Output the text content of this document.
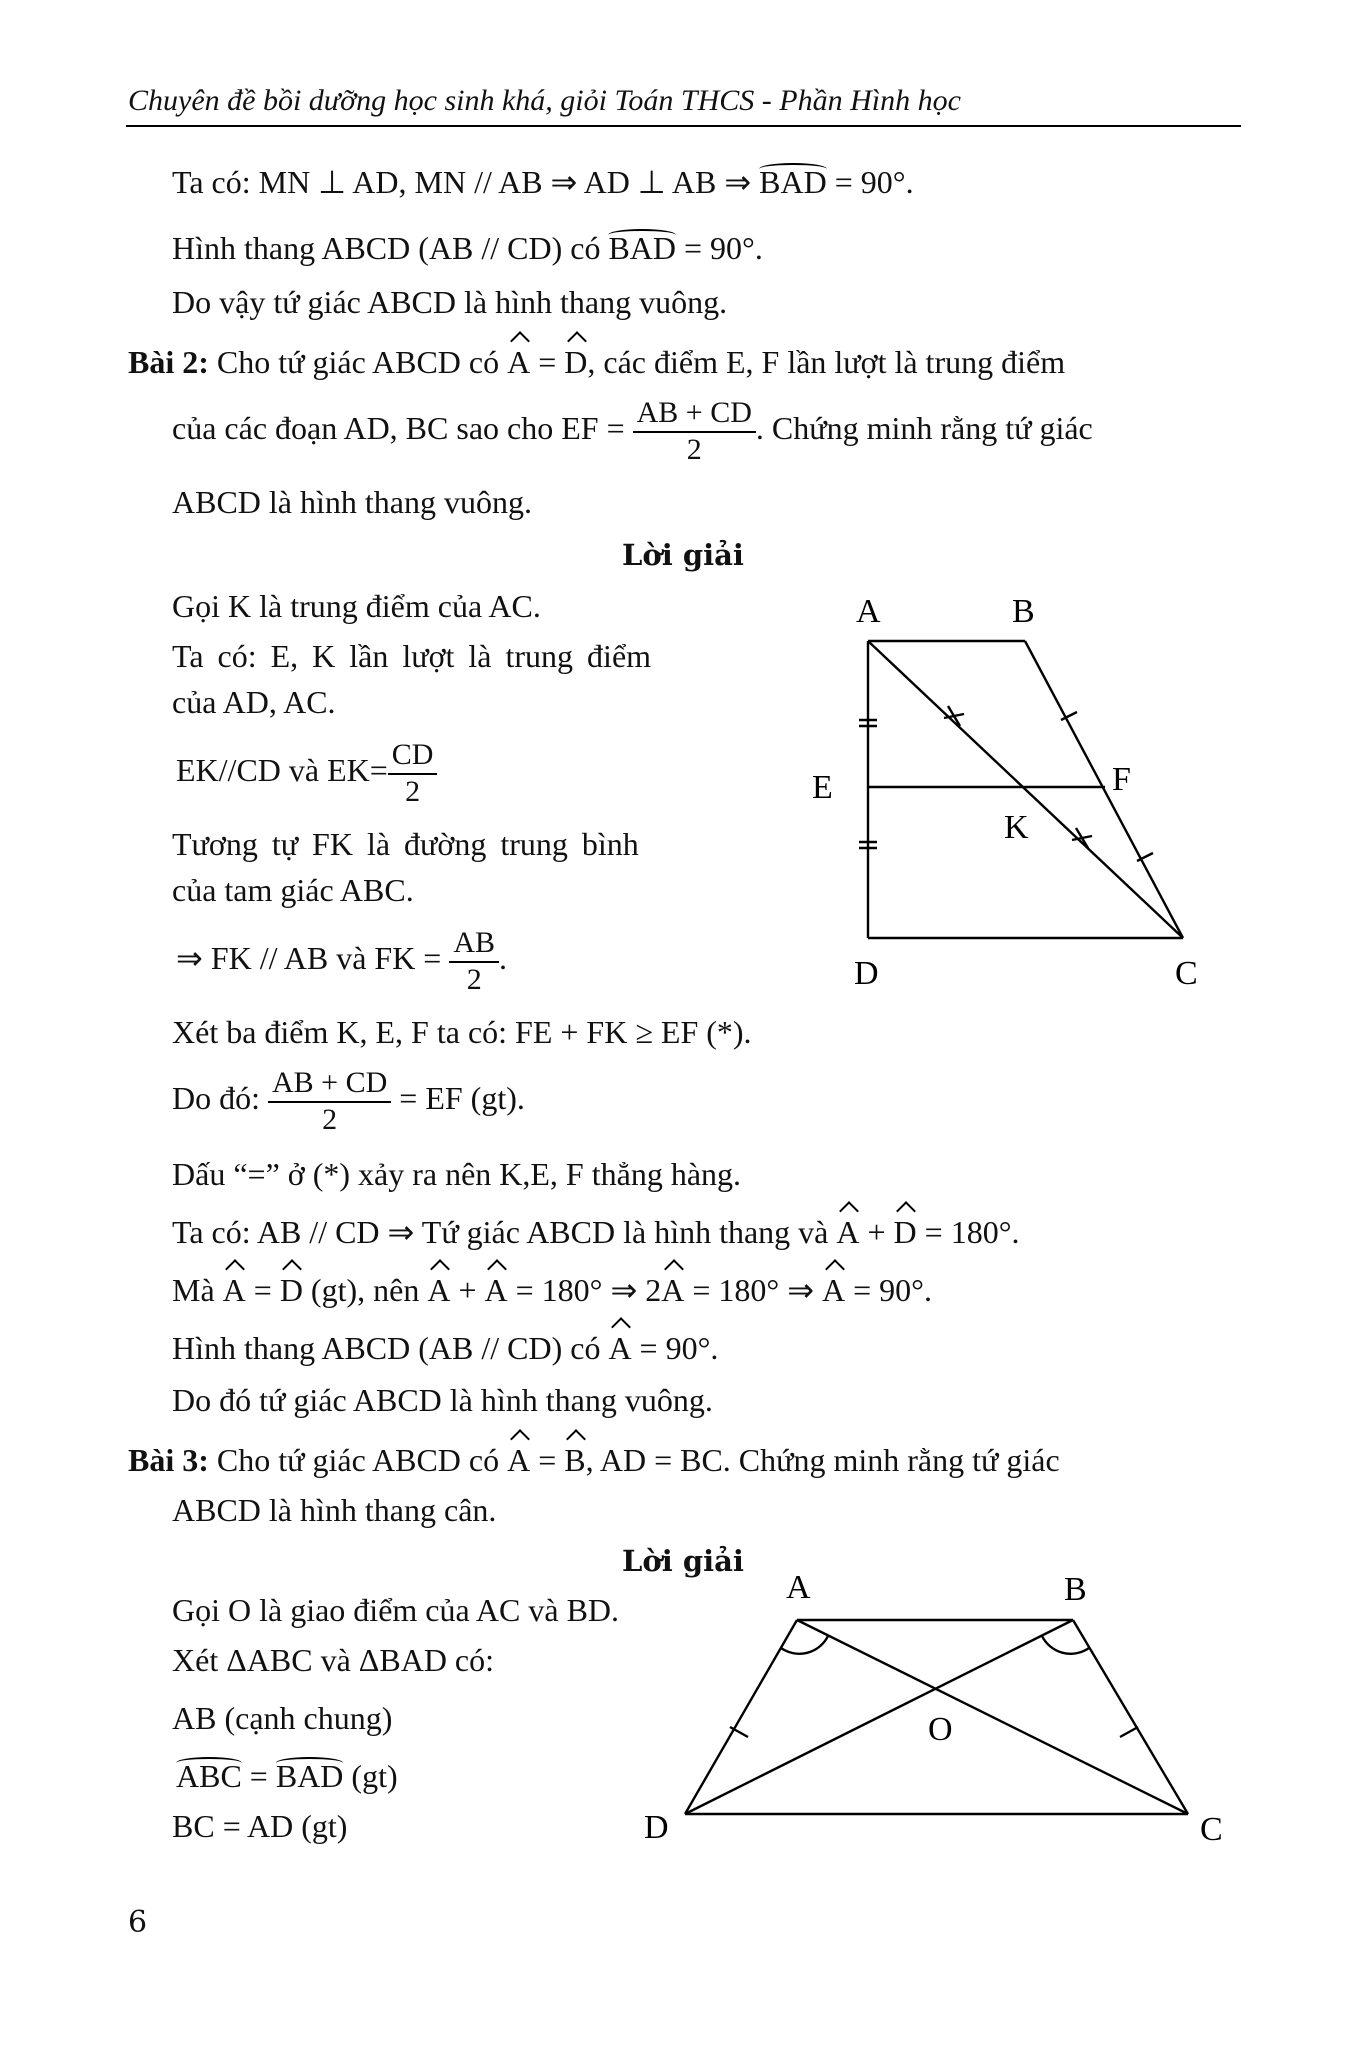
Chuyên đề bồi dưỡng học sinh khá, giỏi Toán THCS - Phần Hình học
Ta có: MN ⊥ AD, MN // AB ⇒ AD ⊥ AB ⇒ BAD = 90°.
Hình thang ABCD (AB // CD) có BAD = 90°.
Do vậy tứ giác ABCD là hình thang vuông.
Bài 2: Cho tứ giác ABCD có A = D, các điểm E, F lần lượt là trung điểm
của các đoạn AD, BC sao cho EF = $\frac{AB + CD}{2}$ . Chứng minh rằng tứ giác
ABCD là hình thang vuông.
Lời giải
Gọi K là trung điểm của AC.
Ta có: E, K lần lượt là trung điểm
của AD, AC.
EK//CD và $EK= \frac{CD}{2}$
Tương tự FK là đường trung bình
của tam giác ABC.
⇒ FK // AB và FK = $\frac{AB}{2}$ .
Xét ba điểm K, E, F ta có: FE + FK ≥ EF (*).
Do đó: $\frac{AB + CD}{2}$ = EF (gt).
Dấu “=” ở (*) xảy ra nên K,E, F thẳng hàng.
Ta có: AB // CD ⇒ Tứ giác ABCD là hình thang và A + D = 180°.
Mà A = D (gt), nên A + A = 180° ⇒ 2A = 180° ⇒ A = 90°.
Hình thang ABCD (AB // CD) có A = 90°.
Do đó tứ giác ABCD là hình thang vuông.
A	B
E	F
K
D	C
Bài 3: Cho tứ giác ABCD có A = B, AD = BC. Chứng minh rằng tứ giác
ABCD là hình thang cân.
Lời giải
Gọi O là giao điểm của AC và BD.
Xét ΔABC và ΔBAD có:
AB (cạnh chung)
ABC = BAD (gt)
BC = AD (gt)
A	B
O
D	C
6
